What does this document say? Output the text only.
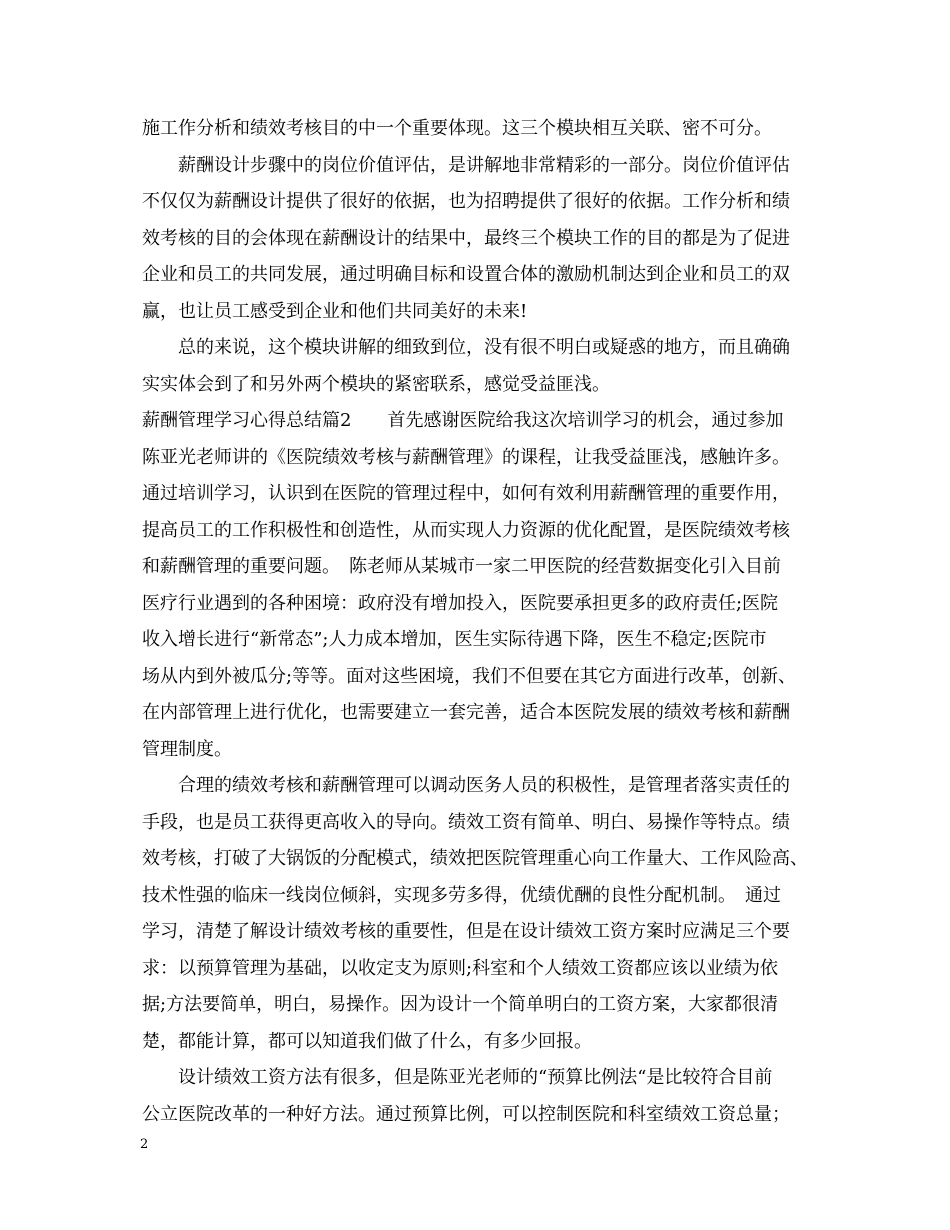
施工作分析和绩效考核目的中一个重要体现。这三个模块相互关联、密不可分。
　　薪酬设计步骤中的岗位价值评估，是讲解地非常精彩的一部分。岗位价值评估
不仅仅为薪酬设计提供了很好的依据，也为招聘提供了很好的依据。工作分析和绩
效考核的目的会体现在薪酬设计的结果中，最终三个模块工作的目的都是为了促进
企业和员工的共同发展，通过明确目标和设置合体的激励机制达到企业和员工的双
赢，也让员工感受到企业和他们共同美好的未来!
　　总的来说，这个模块讲解的细致到位，没有很不明白或疑惑的地方，而且确确
实实体会到了和另外两个模块的紧密联系，感觉受益匪浅。
薪酬管理学习心得总结篇2　　首先感谢医院给我这次培训学习的机会，通过参加
陈亚光老师讲的《医院绩效考核与薪酬管理》的课程，让我受益匪浅，感触许多。
通过培训学习，认识到在医院的管理过程中，如何有效利用薪酬管理的重要作用，
提高员工的工作积极性和创造性，从而实现人力资源的优化配置，是医院绩效考核
和薪酬管理的重要问题。　陈老师从某城市一家二甲医院的经营数据变化引入目前
医疗行业遇到的各种困境：政府没有增加投入，医院要承担更多的政府责任;医院
收入增长进行“新常态”;人力成本增加，医生实际待遇下降，医生不稳定;医院市
场从内到外被瓜分;等等。面对这些困境，我们不但要在其它方面进行改革，创新、
在内部管理上进行优化，也需要建立一套完善，适合本医院发展的绩效考核和薪酬
管理制度。
　　合理的绩效考核和薪酬管理可以调动医务人员的积极性，是管理者落实责任的
手段，也是员工获得更高收入的导向。绩效工资有简单、明白、易操作等特点。绩
效考核，打破了大锅饭的分配模式，绩效把医院管理重心向工作量大、工作风险高、
技术性强的临床一线岗位倾斜，实现多劳多得，优绩优酬的良性分配机制。　通过
学习，清楚了解设计绩效考核的重要性，但是在设计绩效工资方案时应满足三个要
求：以预算管理为基础，以收定支为原则;科室和个人绩效工资都应该以业绩为依
据;方法要简单，明白，易操作。因为设计一个简单明白的工资方案，大家都很清
楚，都能计算，都可以知道我们做了什么，有多少回报。
　　设计绩效工资方法有很多，但是陈亚光老师的“预算比例法“是比较符合目前
公立医院改革的一种好方法。通过预算比例，可以控制医院和科室绩效工资总量；
2
